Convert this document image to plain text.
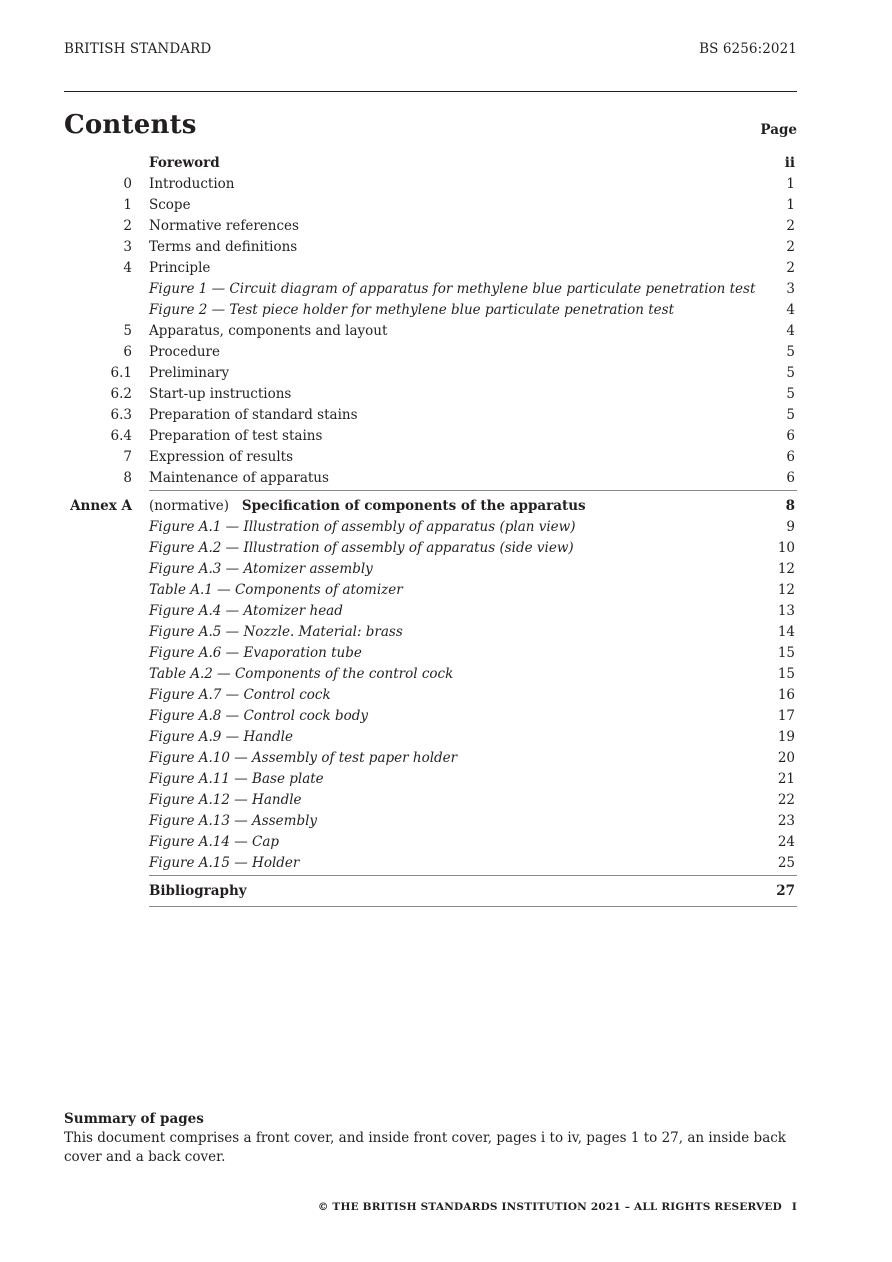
BRITISH STANDARD	BS 6256:2021
Contents	Page
Foreword	ii
0 Introduction	1
1 Scope	1
2 Normative references	2
3 Terms and definitions	2
4 Principle	2
Figure 1 — Circuit diagram of apparatus for methylene blue particulate penetration test 3
Figure 2 — Test piece holder for methylene blue particulate penetration test	4
5 Apparatus, components and layout	4
6 Procedure	5
6.1 Preliminary	5
6.2 Start-up instructions	5
6.3 Preparation of standard stains	5
6.4 Preparation of test stains	6
7 Expression of results	6
8 Maintenance of apparatus	6
Annex A (normative) Specification of components of the apparatus	8
Figure A.1 — Illustration of assembly of apparatus (plan view)	9
Figure A.2 — Illustration of assembly of apparatus (side view)	10
Figure A.3 — Atomizer assembly	12
Table A.1 — Components of atomizer	12
Figure A.4 — Atomizer head	13
Figure A.5 — Nozzle. Material: brass	14
Figure A.6 — Evaporation tube	15
Table A.2 — Components of the control cock	15
Figure A.7 — Control cock	16
Figure A.8 — Control cock body	17
Figure A.9 — Handle	19
Figure A.10 — Assembly of test paper holder	20
Figure A.11 — Base plate	21
Figure A.12 — Handle	22
Figure A.13 — Assembly	23
Figure A.14 — Cap	24
Figure A.15 — Holder	25
Bibliography	27
Summary of pages
This document comprises a front cover, and inside front cover, pages i to iv, pages 1 to 27, an inside back cover and a back cover.
© THE BRITISH STANDARDS INSTITUTION 2021 – ALL RIGHTS RESERVED I
